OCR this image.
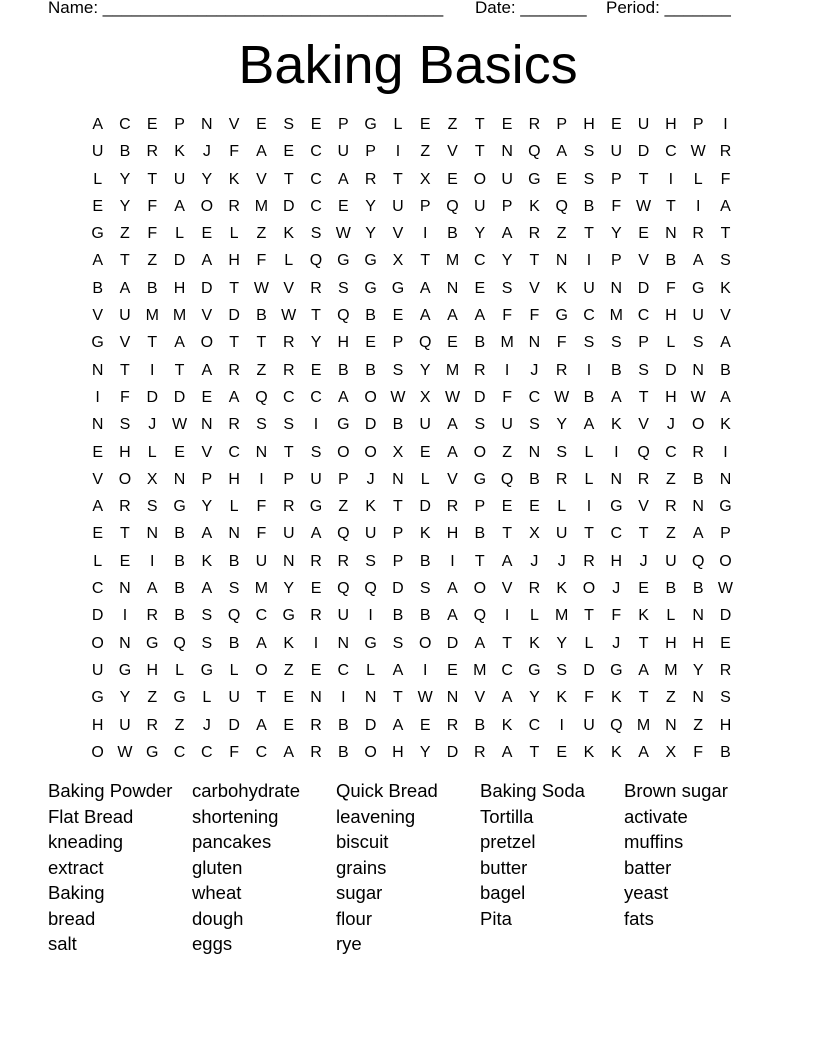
Name: ____________________________________ Date: _______ Period: _______
Baking Basics
A	C	E	P	N	V	E	S	E	P G	L	E	Z	T	E	R	P	H	E	U H	P	I
U	B	R	K	J	F	A	E	C U	P	I	Z	V	T	N Q A	S	U D C W R
L	Y	T	U	Y	K	V	T	C	A	R	T	X	E O U G E	S	P	T	I	L	F
E	Y	F	A O R M D C	E	Y	U	P Q U	P	K Q B	F W T	I	A
G	Z	F	L	E	L	Z	K	S W Y	V	I	B	Y	A	R	Z	T	Y	E	N R	T
A	T	Z	D	A	H	F	L	Q G G X	T M C	Y	T	N	I	P	V	B	A	S
B	A	B	H D	T W V	R	S G G A	N	E	S	V	K	U N D	F	G K
V	U M M V	D	B W T	Q B	E	A	A	A	F	F	G C M C H U	V
G V	T	A O	T	T	R	Y	H	E	P Q E	B M N	F	S	S	P	L	S	A
N	T	I	T	A	R	Z	R	E	B	B	S	Y M R	I	J	R	I	B	S	D N	B
I	F	D D	E	A Q C C	A O W X W D	F	C W B	A	T	H W A
N	S	J W N R	S	S	I	G D	B	U	A	S	U	S	Y	A	K	V	J	O K
E	H	L	E	V	C N	T	S O O X	E	A O	Z	N	S	L	I	Q C R	I
V O X	N	P	H	I	P	U	P	J	N	L	V G Q B	R	L	N R	Z	B	N
A	R	S G Y	L	F	R G	Z	K	T	D R	P	E	E	L	I	G V	R N G
E	T	N	B	A	N	F	U	A Q U	P	K	H	B	T	X	U	T	C	T	Z	A	P
L	E	I	B	K	B	U N R R	S	P	B	I	T	A	J	J	R H	J	U Q O
C N	A	B	A	S M Y	E Q Q D	S	A O V	R	K O	J	E	B	B W
D	I	R	B	S Q C G R U	I	B	B	A Q	I	L	M T	F	K	L	N D
O N G Q S	B	A	K	I	N G S O D	A	T	K	Y	L	J	T	H H	E
U G H	L	G	L	O	Z	E	C	L	A	I	E M C G S	D G A M Y	R
G Y	Z	G	L	U	T	E	N	I	N	T W N	V	A	Y	K	F	K	T	Z	N	S
H U R	Z	J	D	A	E	R	B	D	A	E	R	B	K	C	I	U Q M N	Z	H
O W G C C	F	C	A	R	B O H	Y	D R	A	T	E	K	K	A	X	F	B
Baking Powder	carbohydrate	Quick Bread	Baking Soda	Brown sugar
Flat Bread	shortening	leavening	Tortilla	activate
kneading	pancakes	biscuit	pretzel	muffins
extract	gluten	grains	butter	batter
Baking	wheat	sugar	bagel	yeast
bread	dough	flour	Pita	fats
salt	eggs	rye
